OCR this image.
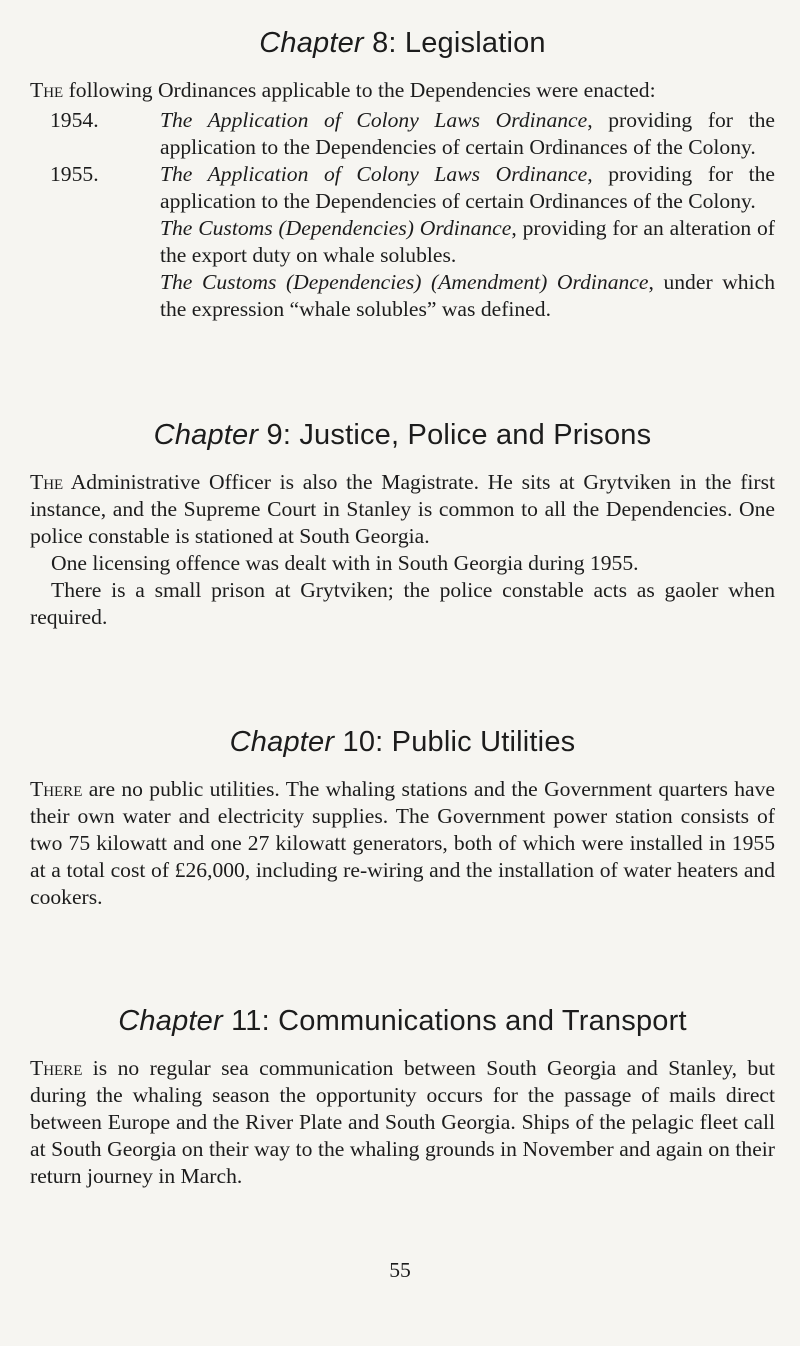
Chapter 8: Legislation

The following Ordinances applicable to the Dependencies were enacted:

1954.	The Application of Colony Laws Ordinance, providing for the application to the Dependencies of certain Ordinances of the Colony.
1955.	The Application of Colony Laws Ordinance, providing for the application to the Dependencies of certain Ordinances of the Colony.
The Customs (Dependencies) Ordinance, providing for an alteration of the export duty on whale solubles.
The Customs (Dependencies) (Amendment) Ordinance, under which the expression “whale solubles” was defined.
Chapter 9: Justice, Police and Prisons

The Administrative Officer is also the Magistrate. He sits at Grytviken in the first instance, and the Supreme Court in Stanley is common to all the Dependencies. One police constable is stationed at South Georgia.

One licensing offence was dealt with in South Georgia during 1955.

There is a small prison at Grytviken; the police constable acts as gaoler when required.

Chapter 10: Public Utilities

There are no public utilities. The whaling stations and the Government quarters have their own water and electricity supplies. The Government power station consists of two 75 kilowatt and one 27 kilowatt generators, both of which were installed in 1955 at a total cost of £26,000, including re-wiring and the installation of water heaters and cookers.

Chapter 11: Communications and Transport

There is no regular sea communication between South Georgia and Stanley, but during the whaling season the opportunity occurs for the passage of mails direct between Europe and the River Plate and South Georgia. Ships of the pelagic fleet call at South Georgia on their way to the whaling grounds in November and again on their return journey in March.

55
